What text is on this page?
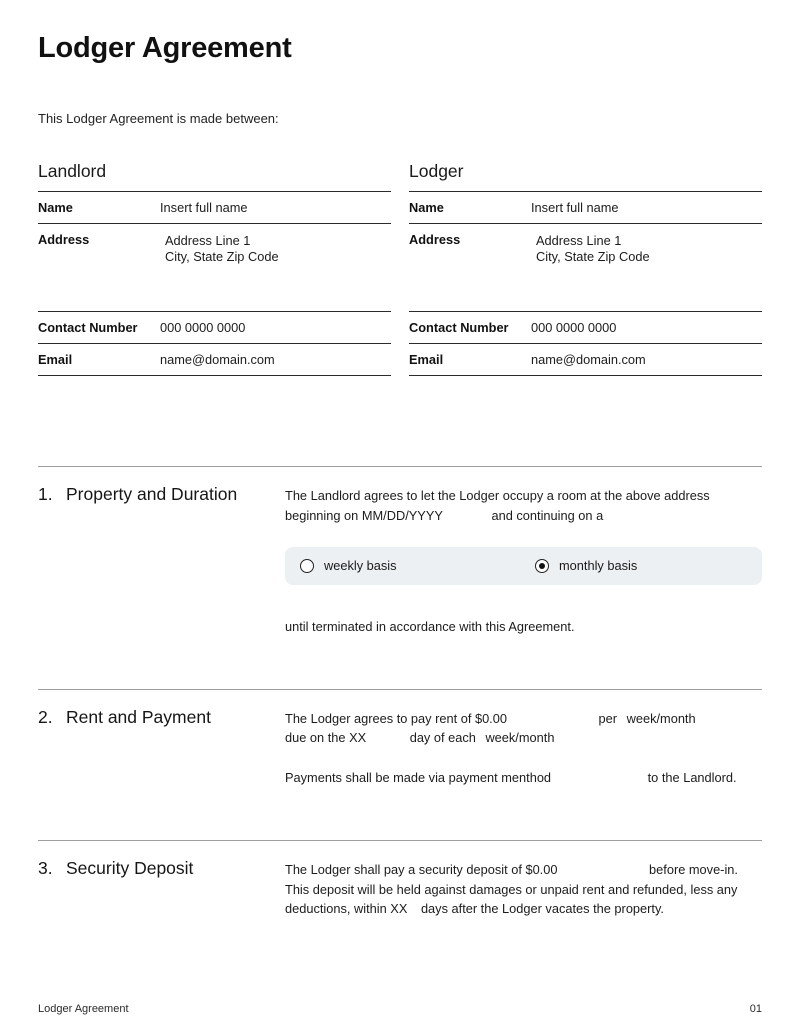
Lodger Agreement

This Lodger Agreement is made between:

Landlord
Name	Insert full name
Address	Address Line 1
City, State Zip Code
Contact Number	000 0000 0000
Email	name@domain.com
Lodger
Name	Insert full name
Address	Address Line 1
City, State Zip Code
Contact Number	000 0000 0000
Email	name@domain.com
1. Property and Duration	The Landlord agrees to let the Lodger occupy a room at the above address
beginning on MM/DD/YYYY	and continuing on a
weekly basis	monthly basis
until terminated in accordance with this Agreement.
2. Rent and Payment	The Lodger agrees to pay rent of $0.00	per week/month
due on the XX	day of each week/month
Payments shall be made via payment menthod	to the Landlord.
3. Security Deposit	The Lodger shall pay a security deposit of $0.00	before move-in.
This deposit will be held against damages or unpaid rent and refunded, less any
deductions, within XX days after the Lodger vacates the property.
Lodger Agreement	01
